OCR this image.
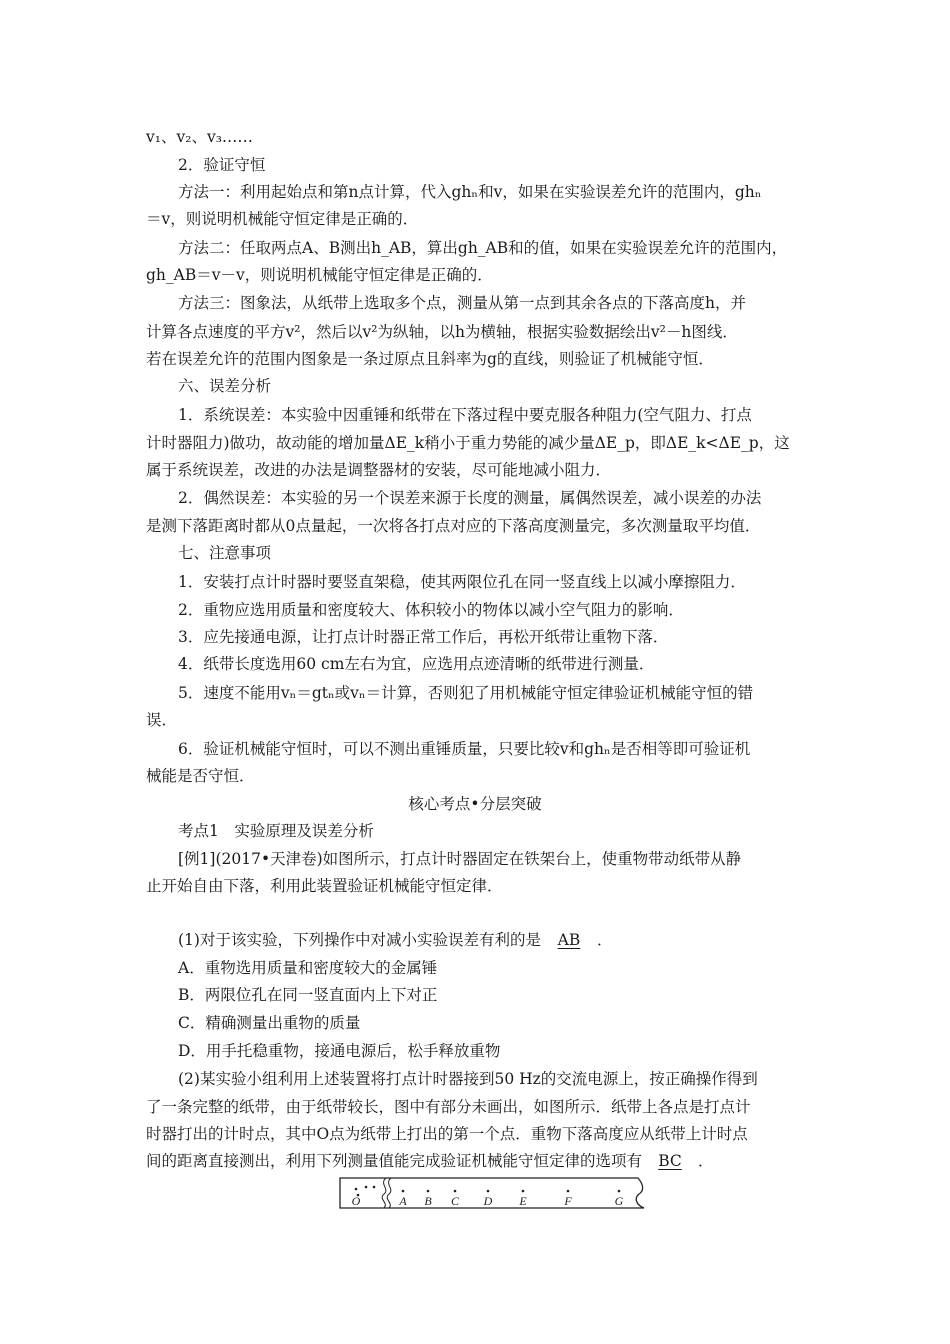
v₁、v₂、v₃……
2．验证守恒
方法一：利用起始点和第n点计算，代入ghₙ和v，如果在实验误差允许的范围内，ghₙ
＝v，则说明机械能守恒定律是正确的．
方法二：任取两点A、B测出h_AB，算出gh_AB和的值，如果在实验误差允许的范围内，
gh_AB＝v－v，则说明机械能守恒定律是正确的．
方法三：图象法，从纸带上选取多个点，测量从第一点到其余各点的下落高度h，并
计算各点速度的平方v²，然后以v²为纵轴，以h为横轴，根据实验数据绘出v²－h图线．
若在误差允许的范围内图象是一条过原点且斜率为g的直线，则验证了机械能守恒．
六、误差分析
1．系统误差：本实验中因重锤和纸带在下落过程中要克服各种阻力(空气阻力、打点
计时器阻力)做功，故动能的增加量ΔE_k稍小于重力势能的减少量ΔE_p，即ΔE_k<ΔE_p，这
属于系统误差，改进的办法是调整器材的安装，尽可能地减小阻力．
2．偶然误差：本实验的另一个误差来源于长度的测量，属偶然误差，减小误差的办法
是测下落距离时都从0点量起，一次将各打点对应的下落高度测量完，多次测量取平均值．
七、注意事项
1．安装打点计时器时要竖直架稳，使其两限位孔在同一竖直线上以减小摩擦阻力．
2．重物应选用质量和密度较大、体积较小的物体以减小空气阻力的影响．
3．应先接通电源，让打点计时器正常工作后，再松开纸带让重物下落．
4．纸带长度选用60 cm左右为宜，应选用点迹清晰的纸带进行测量．
5．速度不能用vₙ＝gtₙ或vₙ＝计算，否则犯了用机械能守恒定律验证机械能守恒的错
误．
6．验证机械能守恒时，可以不测出重锤质量，只要比较v和ghₙ是否相等即可验证机
械能是否守恒．
核心考点•分层突破
考点1　实验原理及误差分析
[例1](2017•天津卷)如图所示，打点计时器固定在铁架台上，使重物带动纸带从静
止开始自由下落，利用此装置验证机械能守恒定律．
(1)对于该实验，下列操作中对减小实验误差有利的是 AB ．
A．重物选用质量和密度较大的金属锤
B．两限位孔在同一竖直面内上下对正
C．精确测量出重物的质量
D．用手托稳重物，接通电源后，松手释放重物
(2)某实验小组利用上述装置将打点计时器接到50 Hz的交流电源上，按正确操作得到
了一条完整的纸带，由于纸带较长，图中有部分未画出，如图所示．纸带上各点是打点计
时器打出的计时点，其中O点为纸带上打出的第一个点．重物下落高度应从纸带上计时点
间的距离直接测出，利用下列测量值能完成验证机械能守恒定律的选项有 BC ．
O	A B C D E	F	G
